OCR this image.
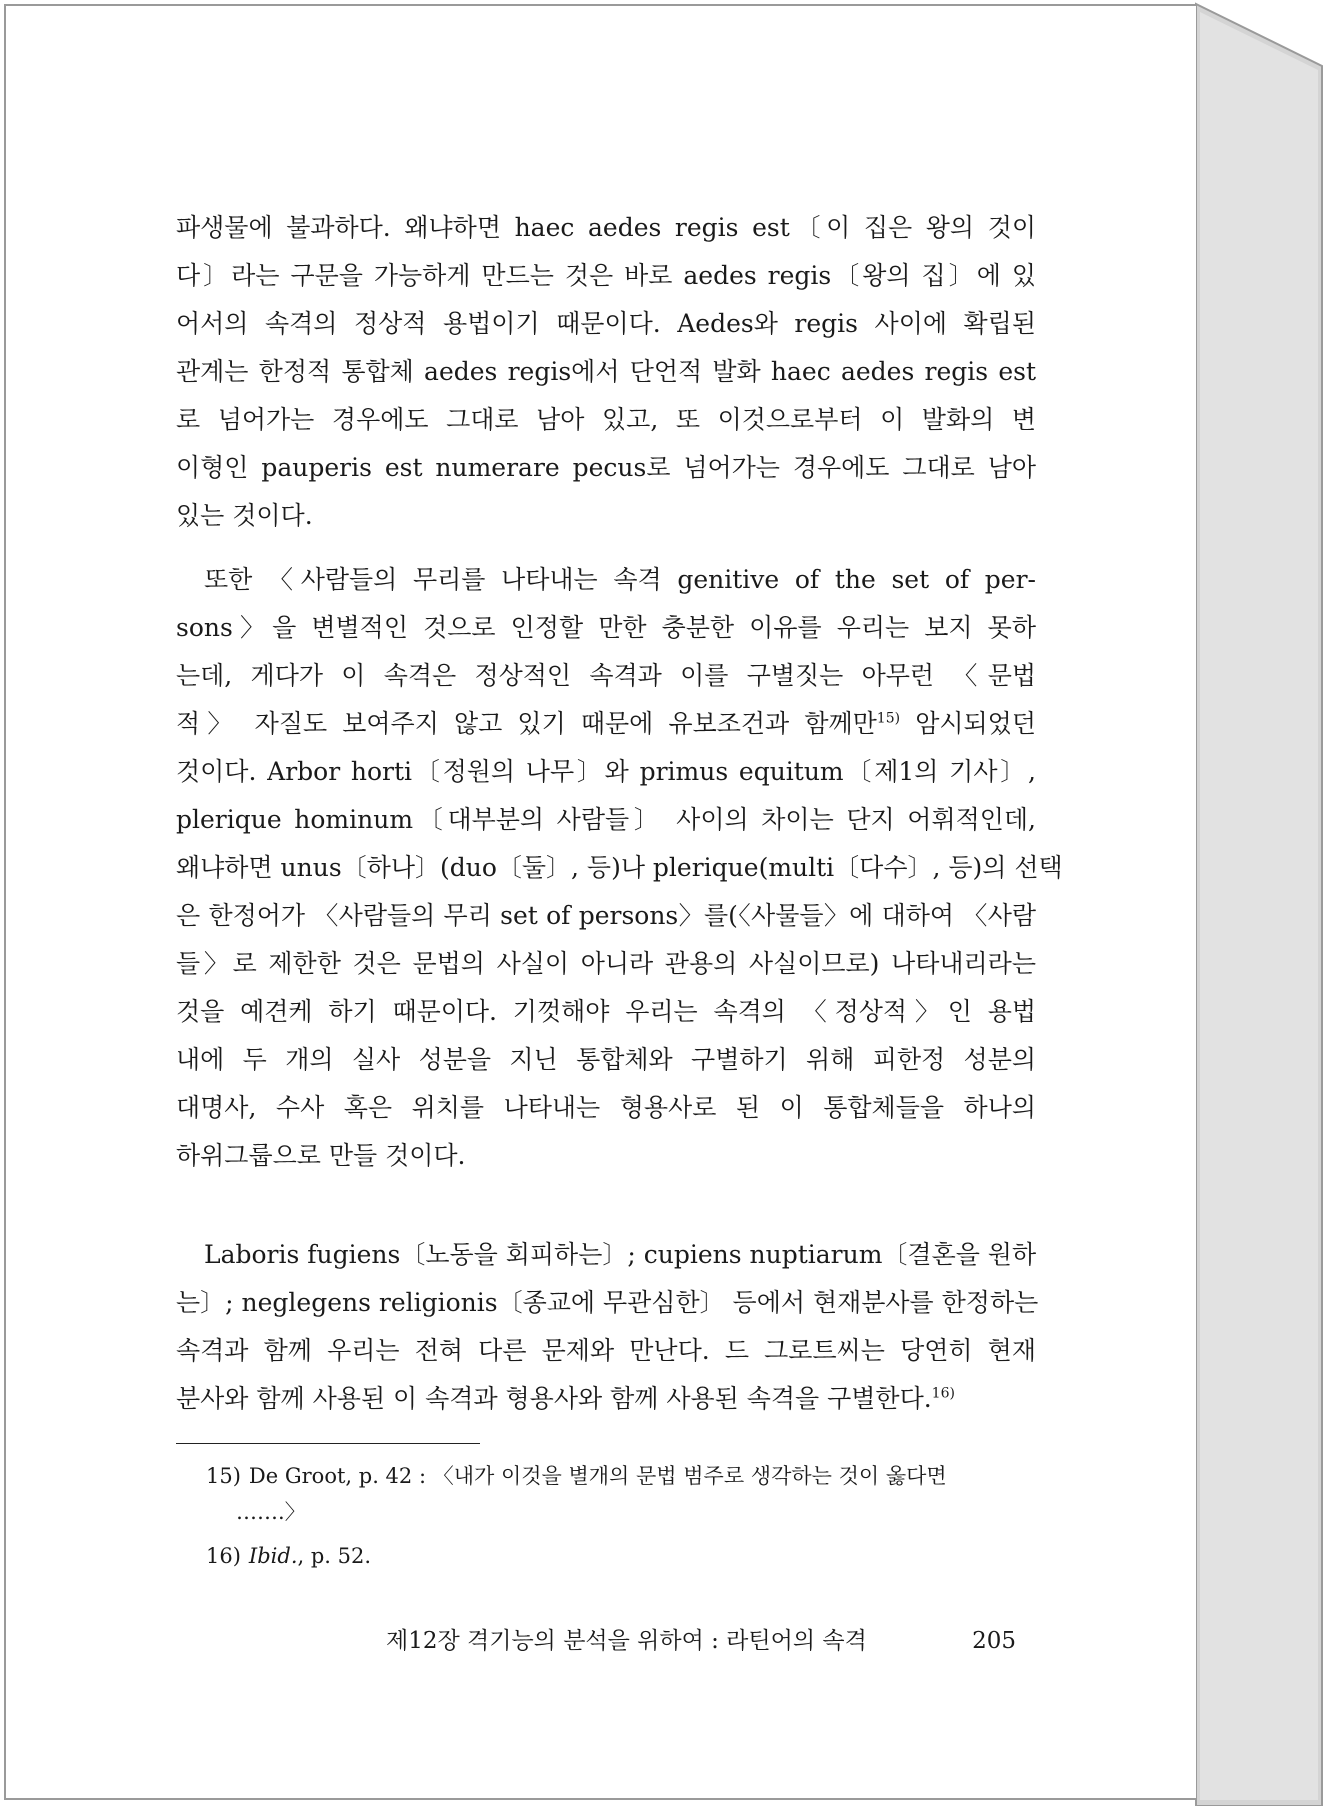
파생물에 불과하다. 왜냐하면 haec aedes regis est〔이 집은 왕의 것이
다〕라는 구문을 가능하게 만드는 것은 바로 aedes regis〔왕의 집〕에 있
어서의 속격의 정상적 용법이기 때문이다. Aedes와 regis 사이에 확립된
관계는 한정적 통합체 aedes regis에서 단언적 발화 haec aedes regis est
로 넘어가는 경우에도 그대로 남아 있고, 또 이것으로부터 이 발화의 변
이형인 pauperis est numerare pecus로 넘어가는 경우에도 그대로 남아
있는 것이다.
또한 〈사람들의 무리를 나타내는 속격 genitive of the set of per-
sons〉을 변별적인 것으로 인정할 만한 충분한 이유를 우리는 보지 못하
는데, 게다가 이 속격은 정상적인 속격과 이를 구별짓는 아무런 〈문법
적〉 자질도 보여주지 않고 있기 때문에 유보조건과 함께만$^{15)}$ 암시되었던
것이다. Arbor horti〔정원의 나무〕와 primus equitum〔제1의 기사〕,
plerique hominum〔대부분의 사람들〕 사이의 차이는 단지 어휘적인데,
왜냐하면 unus〔하나〕(duo〔둘〕, 등)나 plerique(multi〔다수〕, 등)의 선택
은 한정어가 〈사람들의 무리 set of persons〉를(〈사물들〉에 대하여 〈사람
들〉로 제한한 것은 문법의 사실이 아니라 관용의 사실이므로) 나타내리라는
것을 예견케 하기 때문이다. 기껏해야 우리는 속격의 〈정상적〉인 용법
내에 두 개의 실사 성분을 지닌 통합체와 구별하기 위해 피한정 성분의
대명사, 수사 혹은 위치를 나타내는 형용사로 된 이 통합체들을 하나의
하위그룹으로 만들 것이다.
Laboris fugiens〔노동을 회피하는〕; cupiens nuptiarum〔결혼을 원하
는〕; neglegens religionis〔종교에 무관심한〕 등에서 현재분사를 한정하는
속격과 함께 우리는 전혀 다른 문제와 만난다. 드 그로트씨는 당연히 현재
분사와 함께 사용된 이 속격과 형용사와 함께 사용된 속격을 구별한다.$^{16)}$
15) De Groot, p. 42 : 〈내가 이것을 별개의 문법 범주로 생각하는 것이 옳다면
…….〉
16) Ibid., p. 52.
제12장 격기능의 분석을 위하여 : 라틴어의 속격	205
